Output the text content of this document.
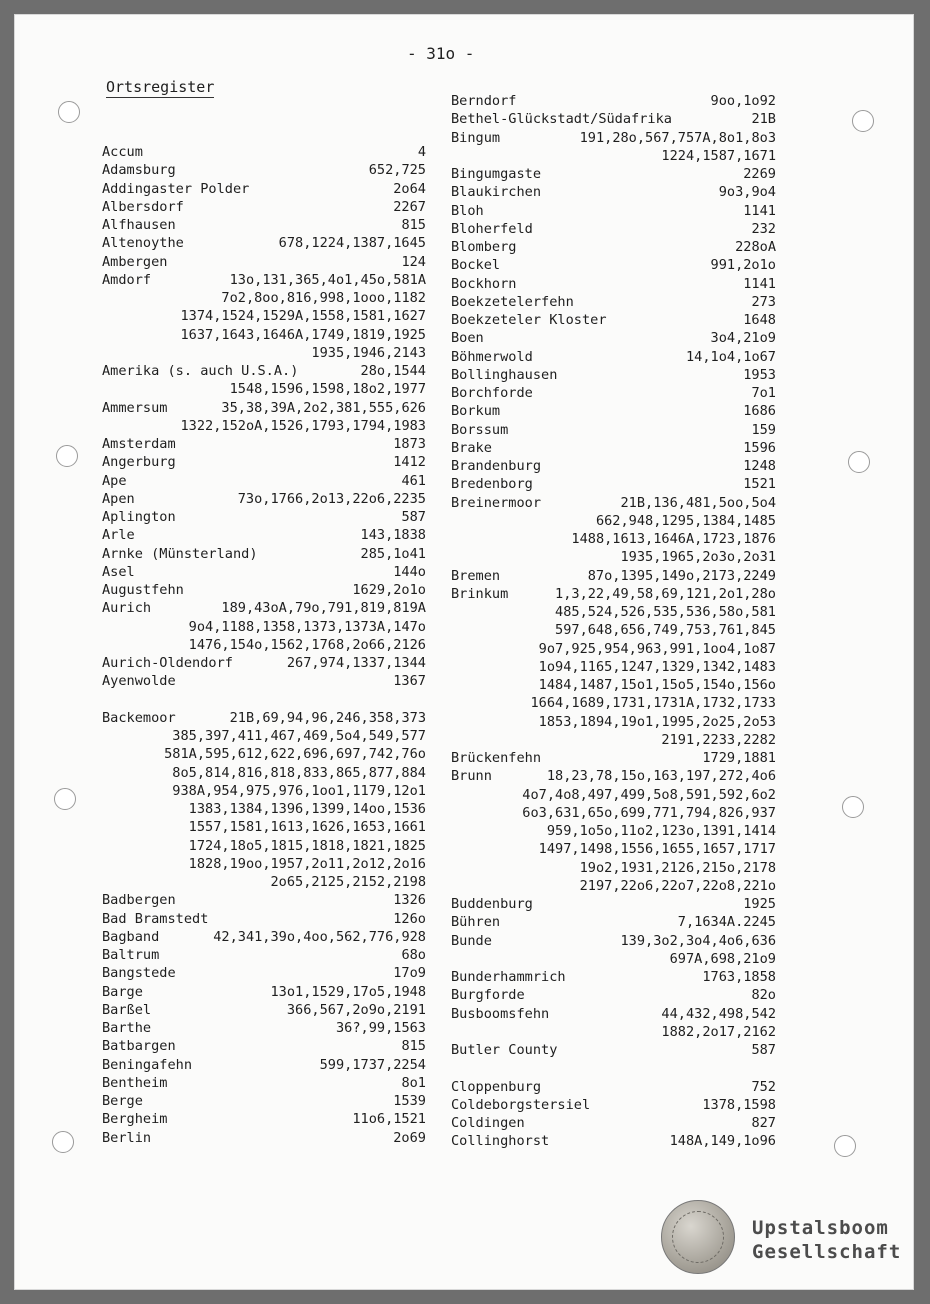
- 31o -
Ortsregister
Accum	4
Adamsburg	652,725
Addingaster Polder	2o64
Albersdorf	2267
Alfhausen	815
Altenoythe	678,1224,1387,1645
Ambergen	124
Amdorf	13o,131,365,4o1,45o,581A
7o2,8oo,816,998,1ooo,1182
1374,1524,1529A,1558,1581,1627
1637,1643,1646A,1749,1819,1925
1935,1946,2143
Amerika (s. auch U.S.A.)	28o,1544
1548,1596,1598,18o2,1977
Ammersum	35,38,39A,2o2,381,555,626
1322,152oA,1526,1793,1794,1983
Amsterdam	1873
Angerburg	1412
Ape	461
Apen	73o,1766,2o13,22o6,2235
Aplington	587
Arle	143,1838
Arnke (Münsterland)	285,1o41
Asel	144o
Augustfehn	1629,2o1o
Aurich	189,43oA,79o,791,819,819A
9o4,1188,1358,1373,1373A,147o
1476,154o,1562,1768,2o66,2126
Aurich-Oldendorf	267,974,1337,1344
Ayenwolde	1367
Backemoor	21B,69,94,96,246,358,373
385,397,411,467,469,5o4,549,577
581A,595,612,622,696,697,742,76o
8o5,814,816,818,833,865,877,884
938A,954,975,976,1oo1,1179,12o1
1383,1384,1396,1399,14oo,1536
1557,1581,1613,1626,1653,1661
1724,18o5,1815,1818,1821,1825
1828,19oo,1957,2o11,2o12,2o16
2o65,2125,2152,2198
Badbergen	1326
Bad Bramstedt	126o
Bagband	42,341,39o,4oo,562,776,928
Baltrum	68o
Bangstede	17o9
Barge	13o1,1529,17o5,1948
Barßel	366,567,2o9o,2191
Barthe	36?,99,1563
Batbargen	815
Beningafehn	599,1737,2254
Bentheim	8o1
Berge	1539
Bergheim	11o6,1521
Berlin	2o69
Berndorf	9oo,1o92
Bethel-Glückstadt/Südafrika	21B
Bingum	191,28o,567,757A,8o1,8o3
1224,1587,1671
Bingumgaste	2269
Blaukirchen	9o3,9o4
Bloh	1141
Bloherfeld	232
Blomberg	228oA
Bockel	991,2o1o
Bockhorn	1141
Boekzetelerfehn	273
Boekzeteler Kloster	1648
Boen	3o4,21o9
Böhmerwold	14,1o4,1o67
Bollinghausen	1953
Borchforde	7o1
Borkum	1686
Borssum	159
Brake	1596
Brandenburg	1248
Bredenborg	1521
Breinermoor	21B,136,481,5oo,5o4
662,948,1295,1384,1485
1488,1613,1646A,1723,1876
1935,1965,2o3o,2o31
Bremen	87o,1395,149o,2173,2249
Brinkum	1,3,22,49,58,69,121,2o1,28o
485,524,526,535,536,58o,581
597,648,656,749,753,761,845
9o7,925,954,963,991,1oo4,1o87
1o94,1165,1247,1329,1342,1483
1484,1487,15o1,15o5,154o,156o
1664,1689,1731,1731A,1732,1733
1853,1894,19o1,1995,2o25,2o53
2191,2233,2282
Brückenfehn	1729,1881
Brunn	18,23,78,15o,163,197,272,4o6
4o7,4o8,497,499,5o8,591,592,6o2
6o3,631,65o,699,771,794,826,937
959,1o5o,11o2,123o,1391,1414
1497,1498,1556,1655,1657,1717
19o2,1931,2126,215o,2178
2197,22o6,22o7,22o8,221o
Buddenburg	1925
Bühren	7,1634A.2245
Bunde	139,3o2,3o4,4o6,636
697A,698,21o9
Bunderhammrich	1763,1858
Burgforde	82o
Busboomsfehn	44,432,498,542
1882,2o17,2162
Butler County	587
Cloppenburg	752
Coldeborgstersiel	1378,1598
Coldingen	827
Collinghorst	148A,149,1o96
Upstalsboom
Gesellschaft
